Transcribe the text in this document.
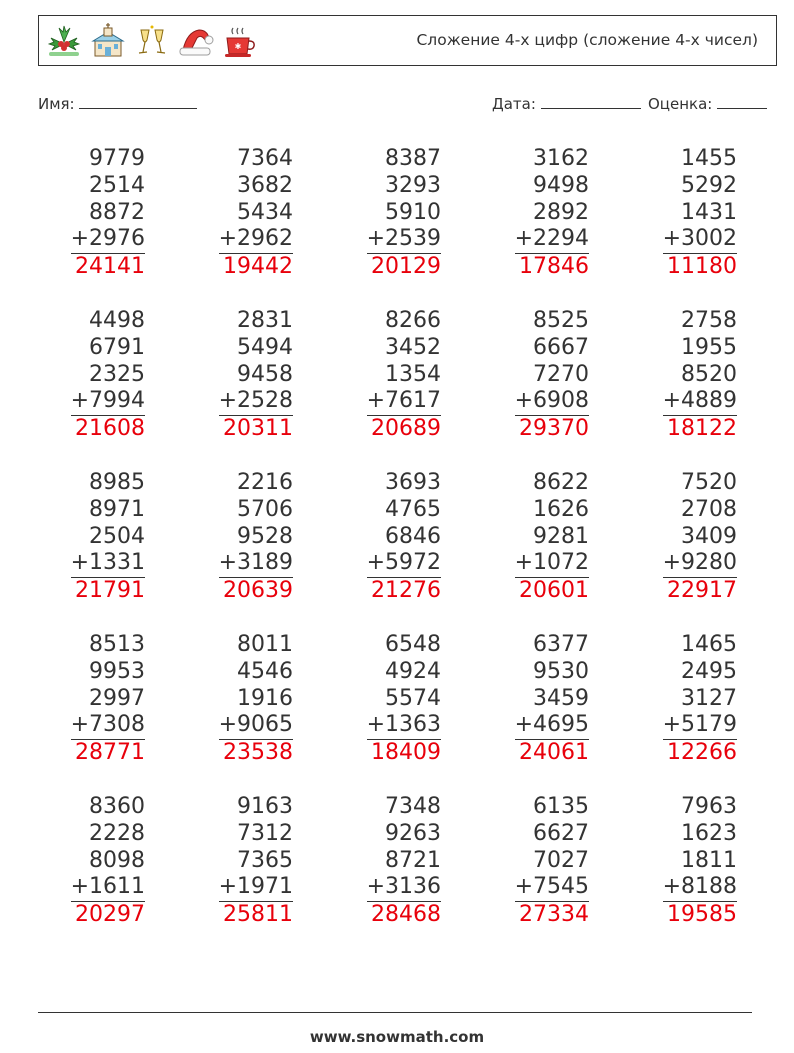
✱	Сложение 4-х цифр (сложение 4-х чисел)
Имя:	Дата:	Оценка:
9779
2514
8872
+2976
24141
7364
3682
5434
+2962
19442
8387
3293
5910
+2539
20129
3162
9498
2892
+2294
17846
1455
5292
1431
+3002
11180
4498
6791
2325
+7994
21608
2831
5494
9458
+2528
20311
8266
3452
1354
+7617
20689
8525
6667
7270
+6908
29370
2758
1955
8520
+4889
18122
8985
8971
2504
+1331
21791
2216
5706
9528
+3189
20639
3693
4765
6846
+5972
21276
8622
1626
9281
+1072
20601
7520
2708
3409
+9280
22917
8513
9953
2997
+7308
28771
8011
4546
1916
+9065
23538
6548
4924
5574
+1363
18409
6377
9530
3459
+4695
24061
1465
2495
3127
+5179
12266
8360
2228
8098
+1611
20297
9163
7312
7365
+1971
25811
7348
9263
8721
+3136
28468
6135
6627
7027
+7545
27334
7963
1623
1811
+8188
19585
www.snowmath.com
